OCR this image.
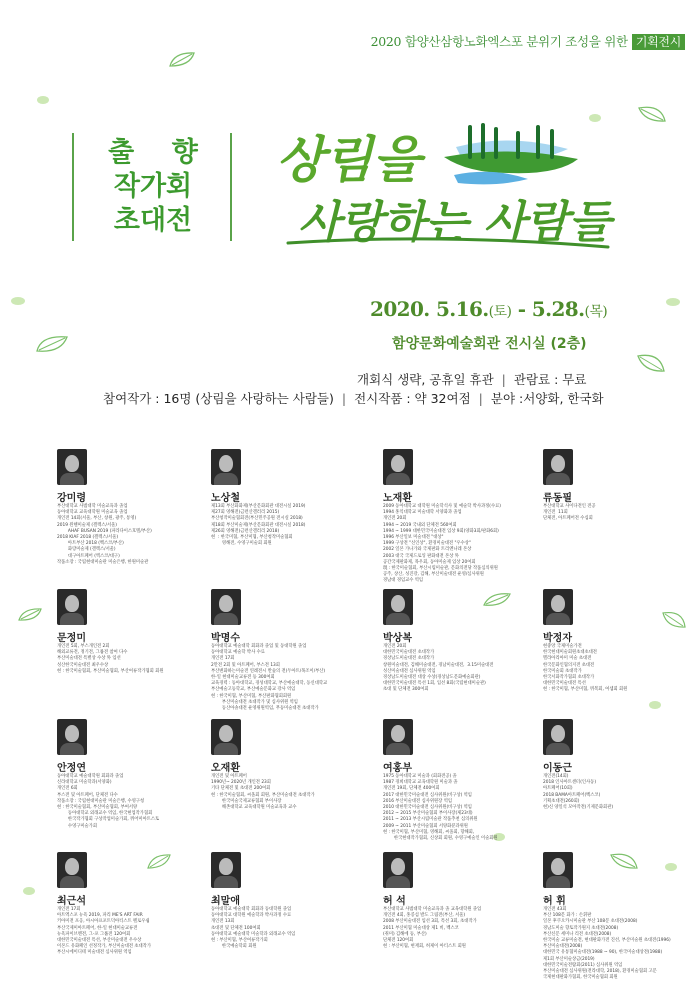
2020 함양산삼항노화엑스포 분위기 조성을 위한 기획전시
출    향
작가회
초대전
상림을
사랑하는 사람들
2020. 5.16.(토) - 5.28.(목)
함양문화예술회관 전시실 (2층)
개회식 생략, 공휴일 휴관 | 관람료 : 무료
참여작가 : 16명 (상림을 사랑하는 사람들) | 전시작품 : 약 32여점 | 분야 :서양화, 한국화
강미령
부산대학교 사범대학 미술교육과 졸업
동아대학교 교육대학원 미술교육 졸업
개인전 14회(서울, 부산, 창원, 광주, 통영)
2019 뮌헨미술제 (갤렉스/서울)
AHAF BUSAN 2019 (파라다이스호텔/부산)
2018 KIAF 2018 (갤렉스/서울)
아트부산 2018 (벡스코/부산)
화랑미술제 (갤렉스/서울)
대구아트페어 (엑스코/대구)
작품소장 : 국립현대미술관 미술은행, 한원미술관
노상철
제13회 부산화화제(부산문화회관 대전시실 2019)
제27회 영해전(금련산갤러리 2015)
부산청작미술협회전(부산민주공원 전시실 2018)
제18회 부산미술제(부산문화회관 대전시실 2018)
제26회 영해전(금련산갤러리 2018)
현  : 한국미협, 부산미협, 부산청작미술협회
영해전, 수영구미술회 회원
노재환
2009 동아대학교 대학원 미술학석사 및 예술학 박사과정(수료)
1994 홍익대학교 미술대학 서양화과 졸업
개인전 20회
1994 ~ 2019 국내외 단체전 560여회
1994 ~ 1999 대한민국미술대전 입상 9회(양화3회/판화6회)
1996 부산일보 미술대전 "대상"
1999 구상전 "신인상", 환경미술대전 "우수상"
2002 일본 가나가와 국제판화 트리엔나레 본상
2003 대국 국제드로잉 판화대전 본상 外
공간국제판화제, 목우회, 동아미술제 입상 20여회
現 : 한국미술협회, 부산시립미술관, 문화의전당 작품심의위원
공주, 상산, 성진강, 김해, 부산미술대전 운영/심사위원
경남대 경임교수 역임
류동필
부산대학교 사이다전인 전공
개인전  11회
단체전, 아트페어전 수십회
문정미
개인전 5회, 부스개인전 2회
해외교류전, 정기전, 그룹전 참여 다수
부산미술대전 특별상 수상 外 입선
성산한국미술대전 최우수상
현 : 한국미술협회, 부산미술협회, 부산여류작가협회 회원
박명수
동아대학교 예술대학 회화과 졸업 및 동대학원 졸업
동아대학교 예술학 박사 수료
개인전 17회
2만전 2회 및 아트페어, 부스전 13회
부산변화하는미술전 연례전시 반숲의 전(두아트/목조이/부산)
한-일 현대미술교류전 등 300여회
교육경력 : 동아대학교, 경성대학교, 부산예술대학, 동신대학교
부산예술고등학교, 부산예술문화교 강사 역임
현 : 한국미협, 부산미협, 부산판화협회회원
부산미술대전 초대작가 및 심사위원 역임
동산아솔대전 운영위원역임, 무등미술대전 초대작가
박상복
개인전 20회
대한민국미술대전 초대작가
경상남도미술대전 초대작가
창원미술대전, 김해미술대전, 경남미술대전,  3.15미술대전
성산미술대전 심사위원 역임
경상남도미술대전 대상 수상(경상남도문화예술회관)
대한민국미술대전 특선 1회, 입선 8회(국립현대미술관)
초대 및 단체전 300여회
박정자
현중앙 국제미술가전
한국현대미술회원초대초대전
멜라아리아미 미술 초대전
한국문화인협의지전 초대전
한국미술회 초대작가
한국서화작가협회 초대작가
대한민국미술대전 특선
현 : 한국미협, 부산미협, 뮈복회, 여셈회 회원
안정연
동아대학교 예술대학원 회화과 졸업
신라대학교 미술학과(서양화)
개인전 6회
부스전 및 아트페어, 단체전 다수
작품소장 : 국립현대미술관 미술은행, 수영구청
현 : 한국미술협회, 부산미술협회, 부여서양
동아대학교 외래교수 역임, 한국현업작가협회
한국작가협회 구상작업미술가회, 뮈어미아트스토
수영구미술가회
오재환
개인전 및 아트페어
1990년~ 2020년 개인전 23회
기타 단체전 및 초대전 200여회
현 : 한국미술협회, 씨올회 회원, 부산미술대전 초대작가
한국미술국제교류협회 부이사장
해촌대학교 교육대학원 미술교육과 교수
여홍부
1975 동아대학교 미술과 (회화전공) 졸
1987 경희대학교 교육대학원 미술과 졸
개인전 19회, 단체전 400여회
2017 대한민국미술대전 심사위원(비구상) 역임
2016 부산미술대전 심사위원장 역임
2010 대한민국미술대전 심사위원(비구상) 역임
2012 ~ 2015 부산미술협회 부이사장(제23대)
2011 ~ 2013 부산시립미술관 작품추천 심의위원
2009 ~ 2011 부산미술협회 서양화분과위원
현 : 한국미협, 부산미협, 영해회, 씨올회, 향해회,
한국현대작가협회, 신상회 회원, 수영구예술인 이술회원
이동근
개인전(14회)
2018 인사아트센터(인사동)
아트페어(10회)
2018 BAMA아트페어(벡스코)
기획초대전(260회)
현)신 양일석 모아작전(기제문화회관)
최근석
개인전 17회
아트엑스포 뉴욕 2019, 파리 ME'S ART FAIR
키아미전 포옹, 아시아프포트덕아티스트 펠로우쉽
부산국제미아트페어, 한-일 현대미술교류전
뉴욕파이브멘전, 그-포 그룹전 120여회
대한민국미술대전 특선, 부산미술대전 우수상
이본드 유화페인 선정작가, 부산미술대전 초대작가
부산시에이디테 미술대전 심사위원 역임
최말애
동아대학교 예술대학 회화과 동대학원 졸업
동아대학교 대학원 예술학과 박사과정 수료
개인전 13회
초대전 및 단체전 100여회
동아대학교 예술대학 미술학과 외래교수 역임
현 : 부산미협, 부산여류작가회
한국예술학회 회원
허 석
부산대학교 사범대학 미술교육과 졸 교육대학원 졸업
개인전 4회, 홍콩섬 발도 그림전(부산, 서울)
2008 부산미술대전 입선 3회, 특선 3회, 초대작가
2011 부산미협 미술대상 제1 비, 벡스코
(취미) 김해에 등, 부산)
단체전 120여회
현 : 부산미협, 현재회, 허제이 아티스트 회원
허 휘
개인전 43회
부산 108문 화가 : 손휘판
일본 후쿠오카시미술관 부산 108문 초대전(2008)
경남도미술 향토작가원지 초대전(2008)
부산신문 세미나 리전 초대전(2008)
한국미술 교류미술전, 현대판화가전 진선, 부산미술원 초대전(1996)
부산미술대전(2008)
대한민국 유통협미술대전(1988 ~ 90), 한국미술대상전(1988)
제1회 부산미술상금(2019)
대한민국미술전람회(2011) 심사위원 역임
부산미술대전 심사위원(전라대학, 2018), 환경미술협회 고문
국제현대판화가협회, 한국미술협회 회원
